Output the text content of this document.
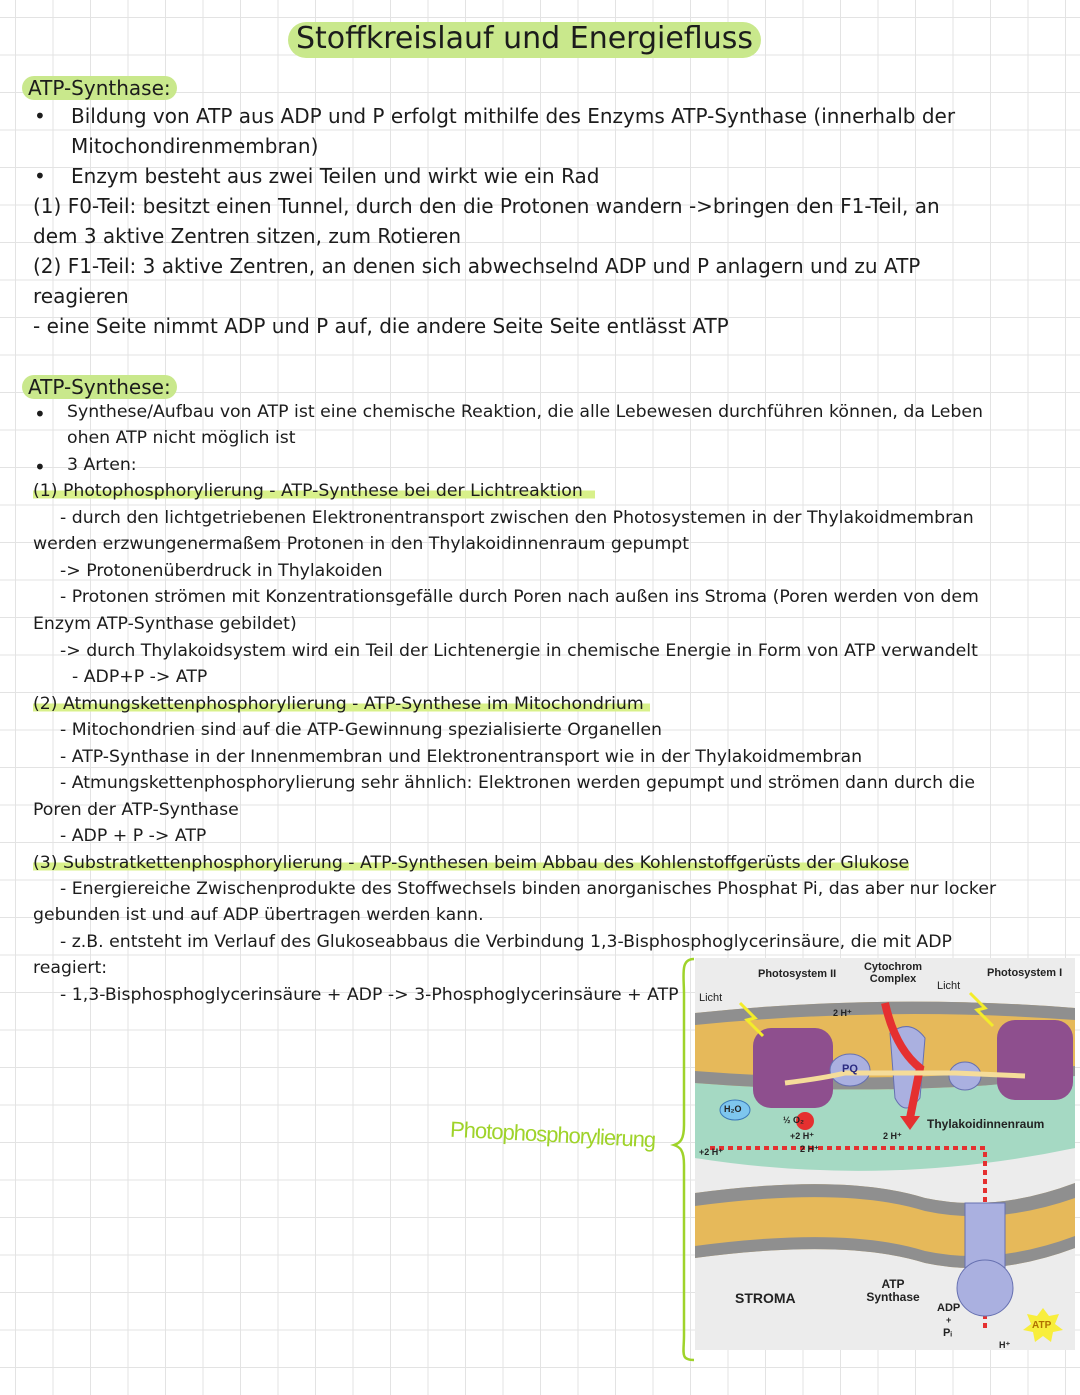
Stoffkreislauf und Energiefluss
ATP-Synthase:
• Bildung von ATP aus ADP und P erfolgt mithilfe des Enzyms ATP-Synthase (innerhalb der
Mitochondirenmembran)
• Enzym besteht aus zwei Teilen und wirkt wie ein Rad
(1) F0-Teil: besitzt einen Tunnel, durch den die Protonen wandern ->bringen den F1-Teil, an
dem 3 aktive Zentren sitzen, zum Rotieren
(2) F1-Teil: 3 aktive Zentren, an denen sich abwechselnd ADP und P anlagern und zu ATP
reagieren
- eine Seite nimmt ADP und P auf, die andere Seite Seite entlässt ATP
ATP-Synthese:
• Synthese/Aufbau von ATP ist eine chemische Reaktion, die alle Lebewesen durchführen können, da Leben
ohen ATP nicht möglich ist
• 3 Arten:
(1) Photophosphorylierung - ATP-Synthese bei der Lichtreaktion
- durch den lichtgetriebenen Elektronentransport zwischen den Photosystemen in der Thylakoidmembran
werden erzwungenermaßem Protonen in den Thylakoidinnenraum gepumpt
-> Protonenüberdruck in Thylakoiden
- Protonen strömen mit Konzentrationsgefälle durch Poren nach außen ins Stroma (Poren werden von dem
Enzym ATP-Synthase gebildet)
-> durch Thylakoidsystem wird ein Teil der Lichtenergie in chemische Energie in Form von ATP verwandelt
- ADP+P -> ATP
(2) Atmungskettenphosphorylierung - ATP-Synthese im Mitochondrium
- Mitochondrien sind auf die ATP-Gewinnung spezialisierte Organellen
- ATP-Synthase in der Innenmembran und Elektronentransport wie in der Thylakoidmembran
- Atmungskettenphosphorylierung sehr ähnlich: Elektronen werden gepumpt und strömen dann durch die
Poren der ATP-Synthase
- ADP + P -> ATP
(3) Substratkettenphosphorylierung - ATP-Synthesen beim Abbau des Kohlenstoffgerüsts der Glukose
- Energiereiche Zwischenprodukte des Stoffwechsels binden anorganisches Phosphat Pi, das aber nur locker
gebunden ist und auf ADP übertragen werden kann.
- z.B. entsteht im Verlauf des Glukoseabbaus die Verbindung 1,3-Bisphosphoglycerinsäure, die mit ADP
reagiert:
- 1,3-Bisphosphoglycerinsäure + ADP -> 3-Phosphoglycerinsäure + ATP
Photophosphorylierung
Photosystem II
Cytochrom Complex	Photosystem I
Licht
Licht
2 H⁺
PQ
H₂O
½ O₂
+2 H⁺
2 H⁺
+2 H⁺
2 H⁺
Thylakoidinnenraum
STROMA
ATP Synthase
ADP
+
Pᵢ
H⁺
ATP
